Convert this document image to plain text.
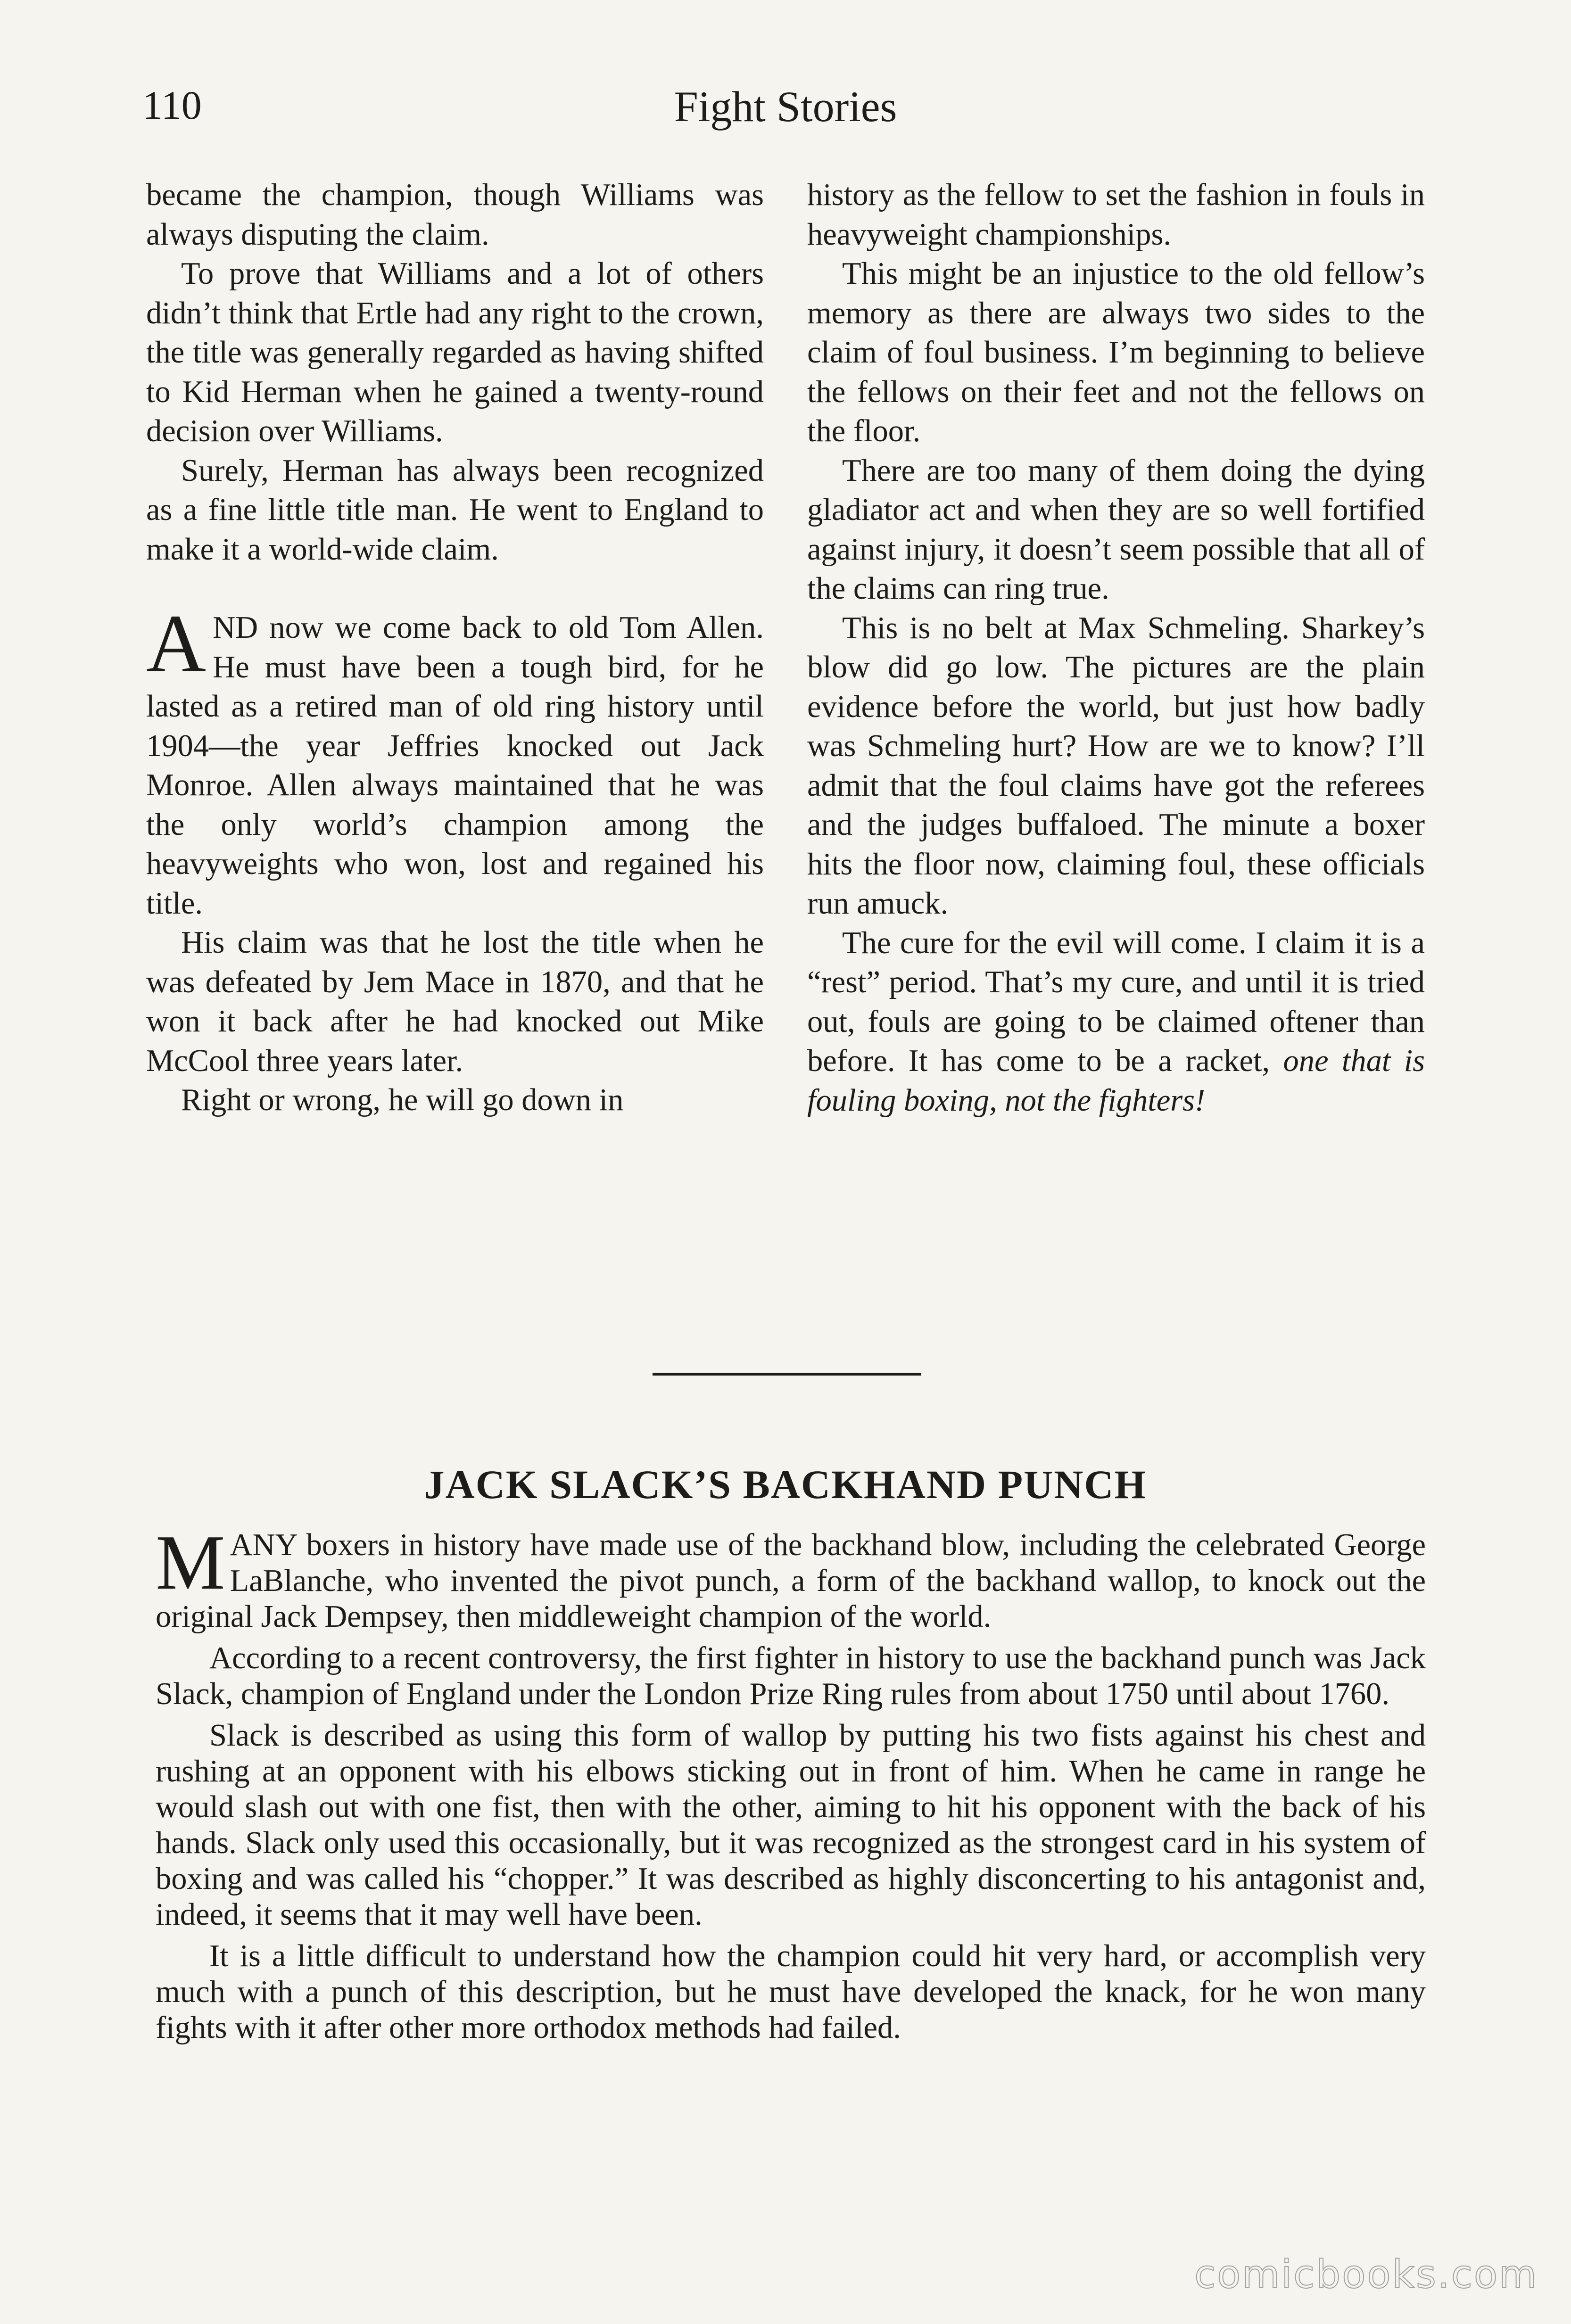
110	Fight Stories

became the champion, though Williams was always disputing the claim.

To prove that Williams and a lot of others didn’t think that Ertle had any right to the crown, the title was generally regarded as having shifted to Kid Herman when he gained a twenty-round decision over Williams.

Surely, Herman has always been recognized as a fine little title man. He went to England to make it a world-wide claim.

AND now we come back to old Tom Allen. He must have been a tough bird, for he lasted as a retired man of old ring history until 1904—the year Jeffries knocked out Jack Monroe. Allen always maintained that he was the only world’s champion among the heavyweights who won, lost and regained his title.

His claim was that he lost the title when he was defeated by Jem Mace in 1870, and that he won it back after he had knocked out Mike McCool three years later.

Right or wrong, he will go down in

history as the fellow to set the fashion in fouls in heavyweight championships.

This might be an injustice to the old fellow’s memory as there are always two sides to the claim of foul business. I’m beginning to believe the fellows on their feet and not the fellows on the floor.

There are too many of them doing the dying gladiator act and when they are so well fortified against injury, it doesn’t seem possible that all of the claims can ring true.

This is no belt at Max Schmeling. Sharkey’s blow did go low. The pictures are the plain evidence before the world, but just how badly was Schmeling hurt? How are we to know? I’ll admit that the foul claims have got the referees and the judges buffaloed. The minute a boxer hits the floor now, claiming foul, these officials run amuck.

The cure for the evil will come. I claim it is a “rest” period. That’s my cure, and until it is tried out, fouls are going to be claimed oftener than before. It has come to be a racket, one that is fouling boxing, not the fighters!

JACK SLACK’S BACKHAND PUNCH

MANY boxers in history have made use of the backhand blow, including the celebrated George LaBlanche, who invented the pivot punch, a form of the backhand wallop, to knock out the original Jack Dempsey, then middleweight champion of the world.

According to a recent controversy, the first fighter in history to use the backhand punch was Jack Slack, champion of England under the London Prize Ring rules from about 1750 until about 1760.

Slack is described as using this form of wallop by putting his two fists against his chest and rushing at an opponent with his elbows sticking out in front of him. When he came in range he would slash out with one fist, then with the other, aiming to hit his opponent with the back of his hands. Slack only used this occasionally, but it was recognized as the strongest card in his system of boxing and was called his “chopper.” It was described as highly disconcerting to his antagonist and, indeed, it seems that it may well have been.

It is a little difficult to understand how the champion could hit very hard, or accomplish very much with a punch of this description, but he must have developed the knack, for he won many fights with it after other more orthodox methods had failed.

comicbooks.com
